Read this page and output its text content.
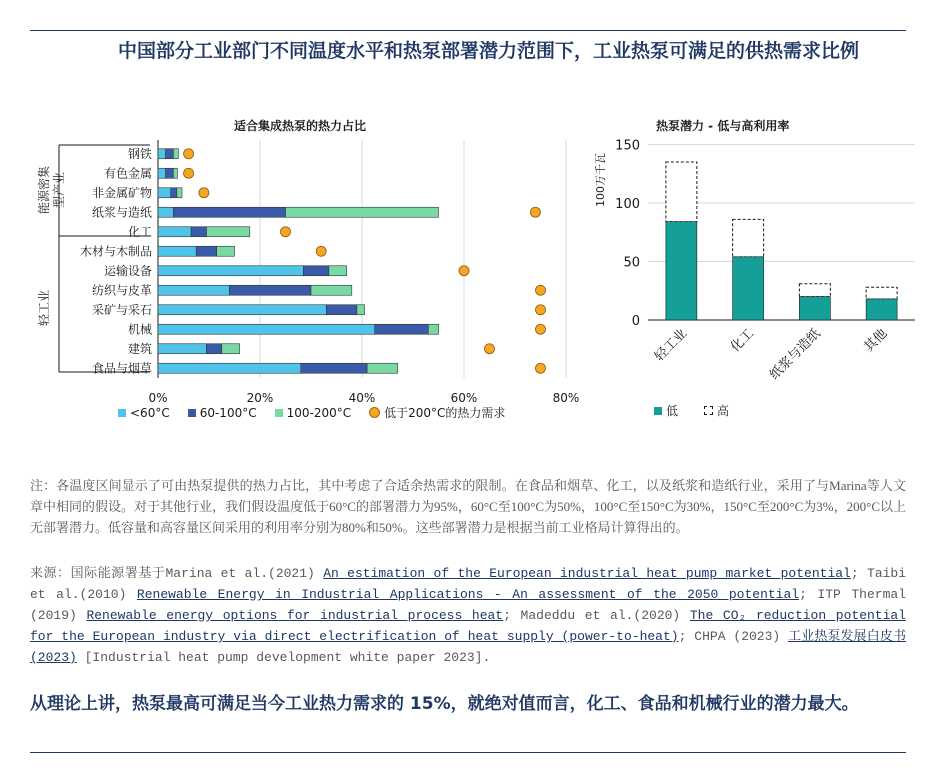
中国部分工业部门不同温度水平和热泵部署潜力范围下，工业热泵可满足的供热需求比例
适合集成热泵的热力占比
钢铁
有色金属
非金属矿物
纸浆与造纸
化工
木材与木制品
运输设备
纺织与皮革
采矿与采石
机械
建筑
食品与烟草
0%	20%	40%	60%	80%
能源密集 型产业
轻工业
<60°C	60-100°C	100-200°C	低于200°C的热力需求
热泵潜力 - 低与高利用率
100万千瓦
0
50
100
150
轻工业	化工 纸浆与造纸	其他
低	高
注：各温度区间显示了可由热泵提供的热力占比，其中考虑了合适余热需求的限制。在食品和烟草、化工，以及纸浆和造纸行业，采用了与Marina等人文章中相同的假设。对于其他行业，我们假设温度低于60°C的部署潜力为95%，60°C至100°C为50%，100°C至150°C为30%，150°C至200°C为3%，200°C以上无部署潜力。低容量和高容量区间采用的利用率分别为80%和50%。这些部署潜力是根据当前工业格局计算得出的。
来源：国际能源署基于Marina et al.(2021) An estimation of the European industrial heat pump market potential; Taibi et al.(2010) Renewable Energy in Industrial Applications - An assessment of the 2050 potential; ITP Thermal (2019) Renewable energy options for industrial process heat; Madeddu et al.(2020) The CO₂ reduction potential for the European industry via direct electrification of heat supply (power-to-heat); CHPA (2023) 工业热泵发展白皮书 (2023) [Industrial heat pump development white paper 2023].
从理论上讲，热泵最高可满足当今工业热力需求的 15%，就绝对值而言，化工、食品和机械行业的潜力最大。
